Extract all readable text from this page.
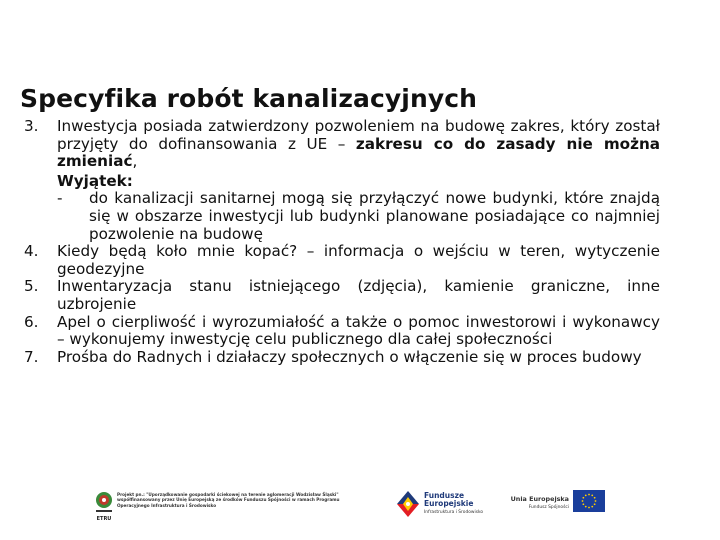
Specyfika robót kanalizacyjnych
3. Inwestycja posiada zatwierdzony pozwoleniem na budowę zakres, który został przyjęty do dofinansowania z UE – zakresu co do zasady nie można zmieniać,
Wyjątek:
- do kanalizacji sanitarnej mogą się przyłączyć nowe budynki, które znajdą się w obszarze inwestycji lub budynki planowane posiadające co najmniej pozwolenie na budowę
4. Kiedy będą koło mnie kopać? – informacja o wejściu w teren, wytyczenie geodezyjne
5. Inwentaryzacja stanu istniejącego (zdjęcia), kamienie graniczne, inne uzbrojenie
6. Apel o cierpliwość i wyrozumiałość a także o pomoc inwestorowi i wykonawcy – wykonujemy inwestycję celu publicznego dla całej społeczności
7. Prośba do Radnych i działaczy społecznych o włączenie się w proces budowy
ETRU
Projekt pn.: "Uporządkowanie gospodarki ściekowej na terenie aglomeracji Wodzisław Śląski" współfinansowany przez Unię Europejską ze środków Funduszu Spójności w ramach Programu Operacyjnego Infrastruktura i Środowisko
Fundusze
Europejskie
Infrastruktura i Środowisko
Unia Europejska
Fundusz Spójności
